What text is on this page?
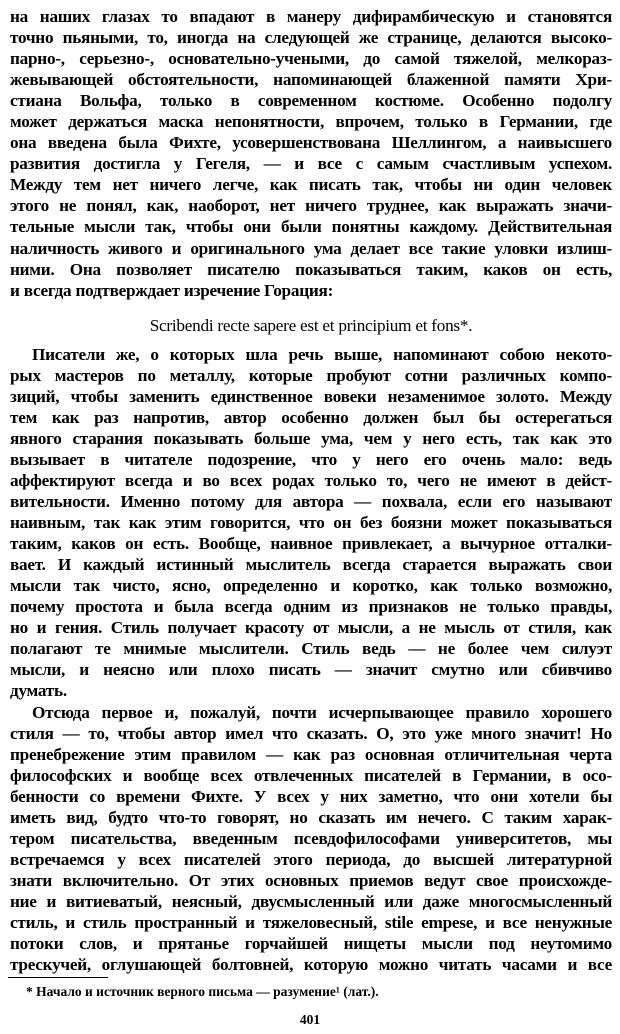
на наших глазах то впадают в манеру дифирамбическую и становятся
точно пьяными, то, иногда на следующей же странице, делаются высоко-
парно-, серьезно-, основательно-учеными, до самой тяжелой, мелкораз-
жевывающей обстоятельности, напоминающей блаженной памяти Хри-
стиана Вольфа, только в современном костюме. Особенно подолгу
может держаться маска непонятности, впрочем, только в Германии, где
она введена была Фихте, усовершенствована Шеллингом, а наивысшего
развития достигла у Гегеля, — и все с самым счастливым успехом.
Между тем нет ничего легче, как писать так, чтобы ни один человек
этого не понял, как, наоборот, нет ничего труднее, как выражать значи-
тельные мысли так, чтобы они были понятны каждому. Действительная
наличность живого и оригинального ума делает все такие уловки излиш-
ними. Она позволяет писателю показываться таким, каков он есть,
и всегда подтверждает изречение Горация:
Scribendi recte sapere est et principium et fons*.
Писатели же, о которых шла речь выше, напоминают собою некото-
рых мастеров по металлу, которые пробуют сотни различных компо-
зиций, чтобы заменить единственное вовеки незаменимое золото. Между
тем как раз напротив, автор особенно должен был бы остерегаться
явного старания показывать больше ума, чем у него есть, так как это
вызывает в читателе подозрение, что у него его очень мало: ведь
аффектируют всегда и во всех родах только то, чего не имеют в дейст-
вительности. Именно потому для автора — похвала, если его называют
наивным, так как этим говорится, что он без боязни может показываться
таким, каков он есть. Вообще, наивное привлекает, а вычурное отталки-
вает. И каждый истинный мыслитель всегда старается выражать свои
мысли так чисто, ясно, определенно и коротко, как только возможно,
почему простота и была всегда одним из признаков не только правды,
но и гения. Стиль получает красоту от мысли, а не мысль от стиля, как
полагают те мнимые мыслители. Стиль ведь — не более чем силуэт
мысли, и неясно или плохо писать — значит смутно или сбивчиво
думать.
Отсюда первое и, пожалуй, почти исчерпывающее правило хорошего
стиля — то, чтобы автор имел что сказать. О, это уже много значит! Но
пренебрежение этим правилом — как раз основная отличительная черта
философских и вообще всех отвлеченных писателей в Германии, в осо-
бенности со времени Фихте. У всех у них заметно, что они хотели бы
иметь вид, будто что-то говорят, но сказать им нечего. С таким харак-
тером писательства, введенным псевдофилософами университетов, мы
встречаемся у всех писателей этого периода, до высшей литературной
знати включительно. От этих основных приемов ведут свое происхожде-
ние и витиеватый, неясный, двусмысленный или даже многосмысленный
стиль, и стиль пространный и тяжеловесный, stile empese, и все ненужные
потоки слов, и прятанье горчайшей нищеты мысли под неутомимо
трескучей, оглушающей болтовней, которую можно читать часами и все
* Начало и источник верного письма — разумение¹ (лат.).
401
